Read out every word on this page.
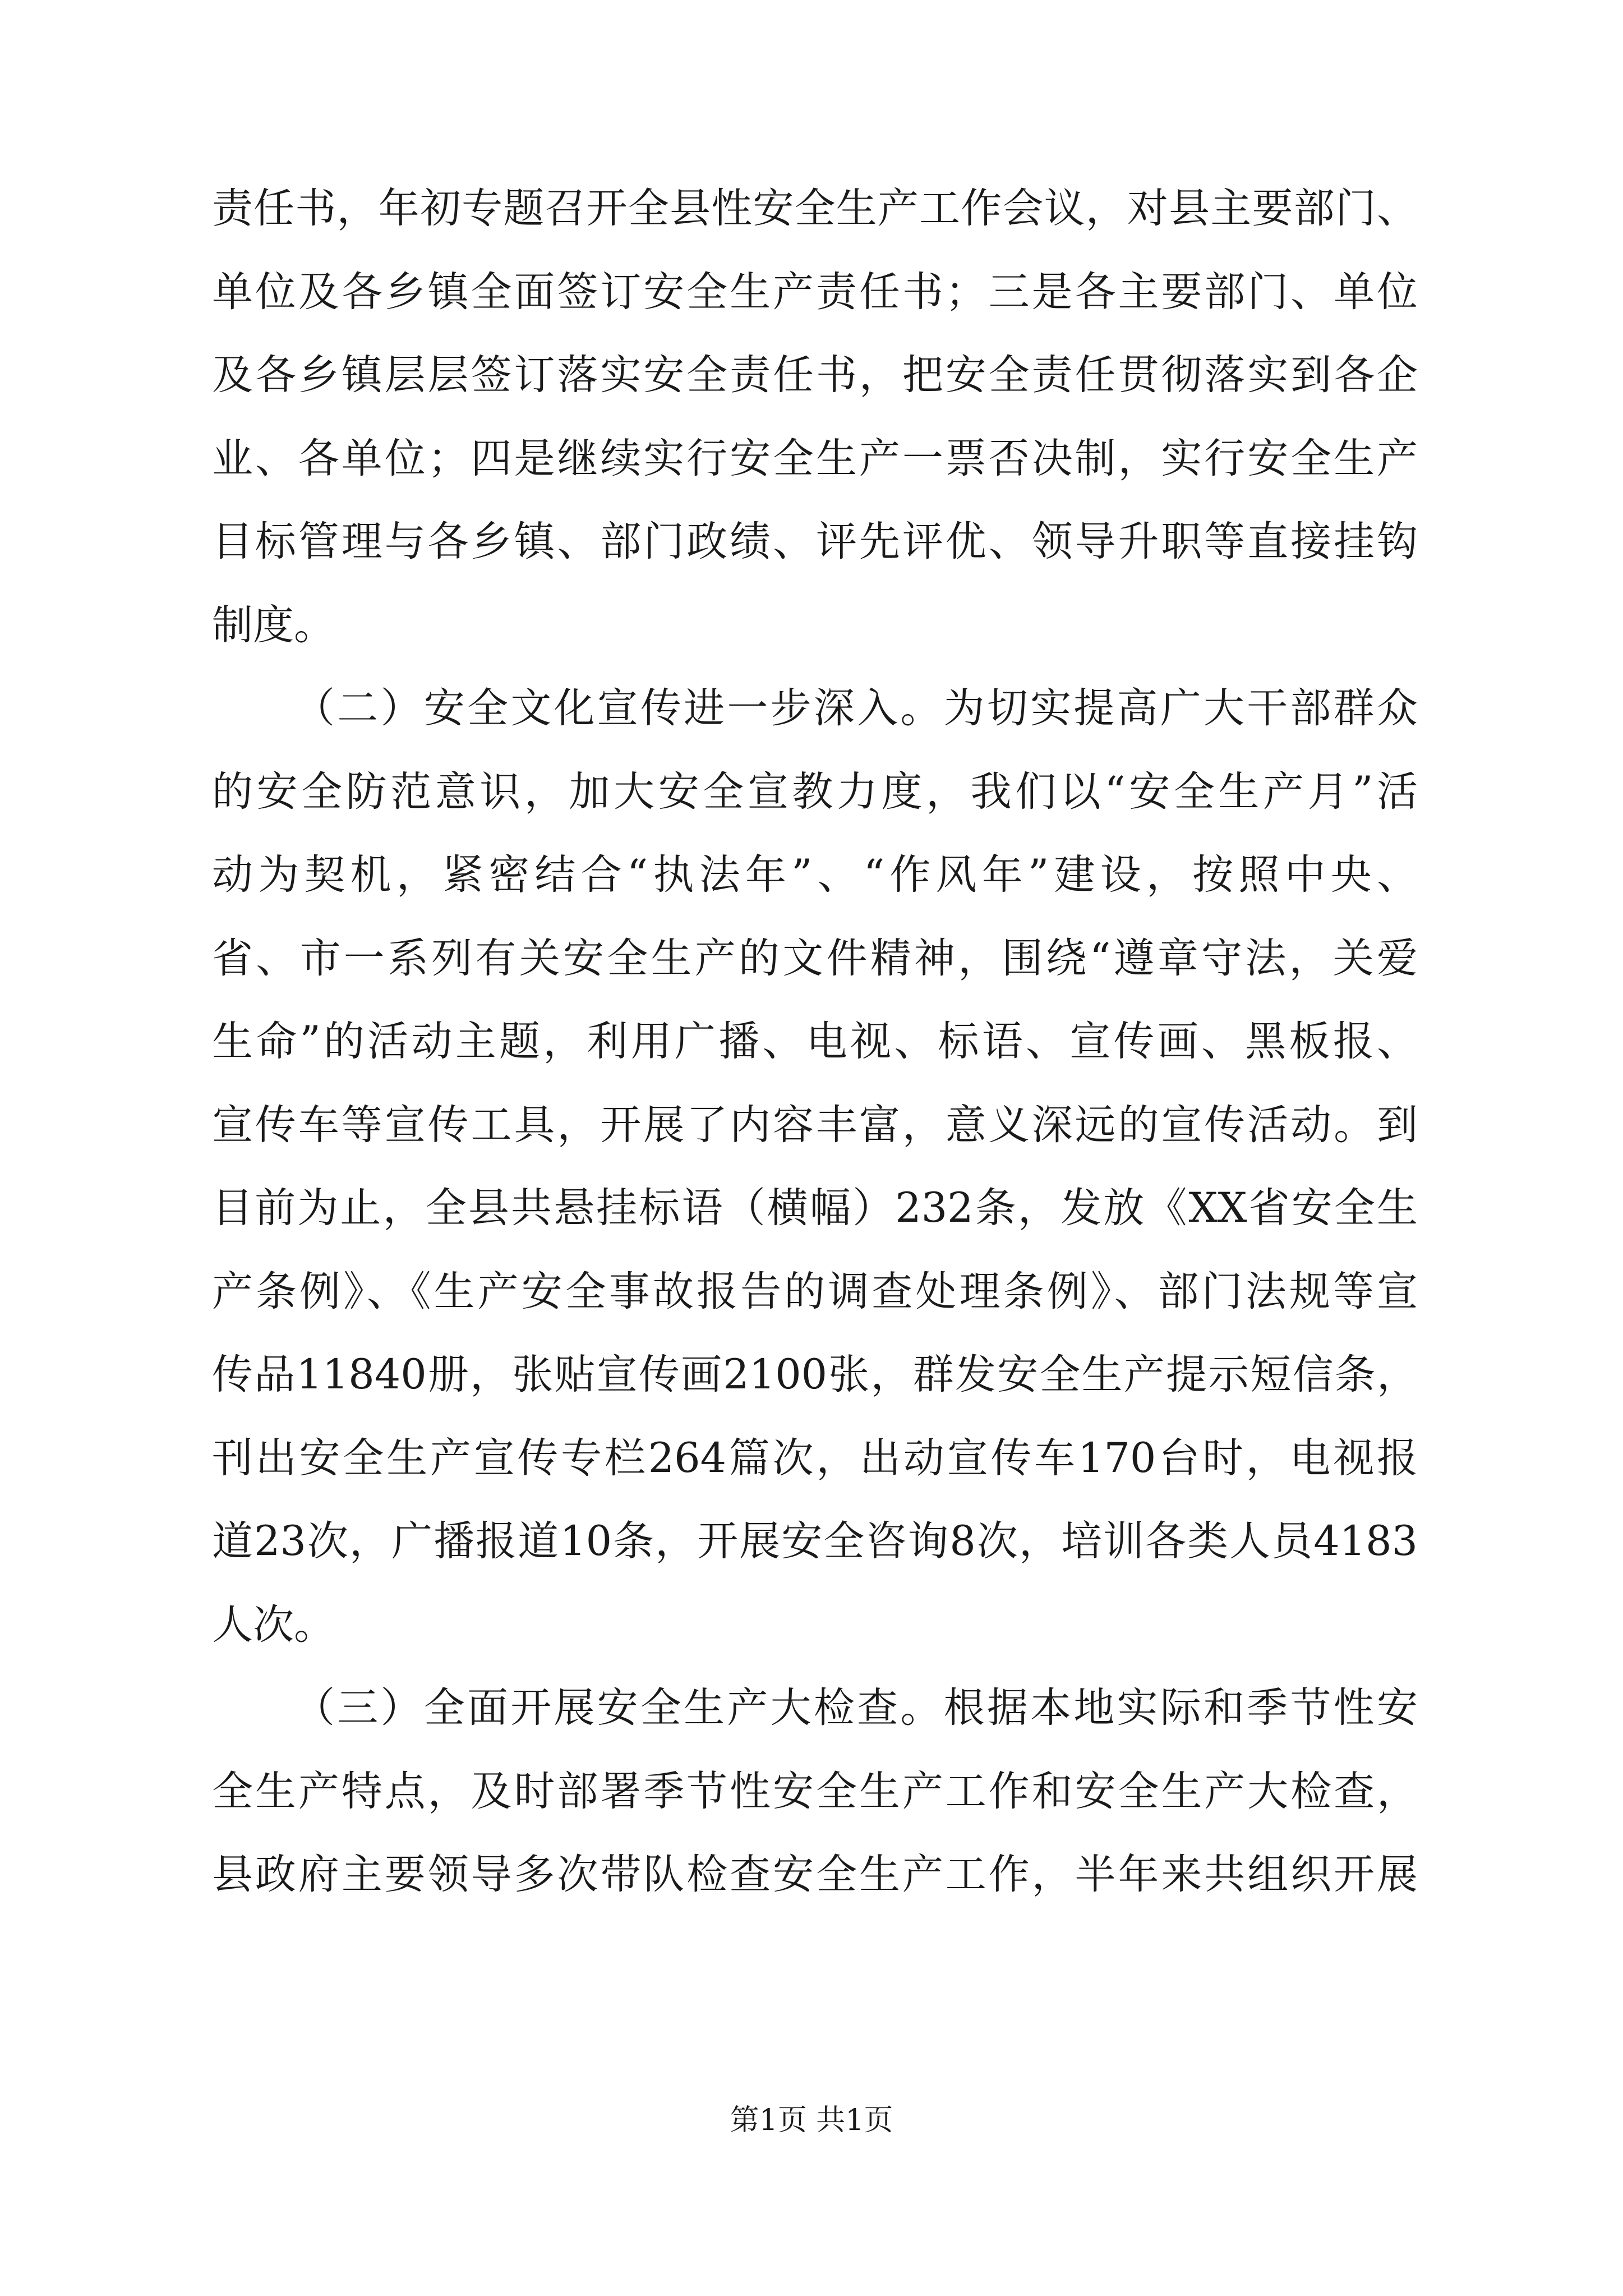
责任书，年初专题召开全县性安全生产工作会议，对县主要部门、
单位及各乡镇全面签订安全生产责任书；三是各主要部门、单位
及各乡镇层层签订落实安全责任书，把安全责任贯彻落实到各企
业、各单位；四是继续实行安全生产一票否决制，实行安全生产
目标管理与各乡镇、部门政绩、评先评优、领导升职等直接挂钩
制度。
（二）安全文化宣传进一步深入。为切实提高广大干部群众
的安全防范意识，加大安全宣教力度，我们以“安全生产月”活
动为契机，紧密结合“执法年”、“作风年”建设，按照中央、
省、市一系列有关安全生产的文件精神，围绕“遵章守法，关爱
生命”的活动主题，利用广播、电视、标语、宣传画、黑板报、
宣传车等宣传工具，开展了内容丰富，意义深远的宣传活动。到
目前为止，全县共悬挂标语（横幅）232条，发放《XX省安全生
产条例》、《生产安全事故报告的调查处理条例》、部门法规等宣
传品11840册，张贴宣传画2100张，群发安全生产提示短信条，
刊出安全生产宣传专栏264篇次，出动宣传车170台时，电视报
道23次，广播报道10条，开展安全咨询8次，培训各类人员4183
人次。
（三）全面开展安全生产大检查。根据本地实际和季节性安
全生产特点，及时部署季节性安全生产工作和安全生产大检查，
县政府主要领导多次带队检查安全生产工作，半年来共组织开展
第1页 共1页
